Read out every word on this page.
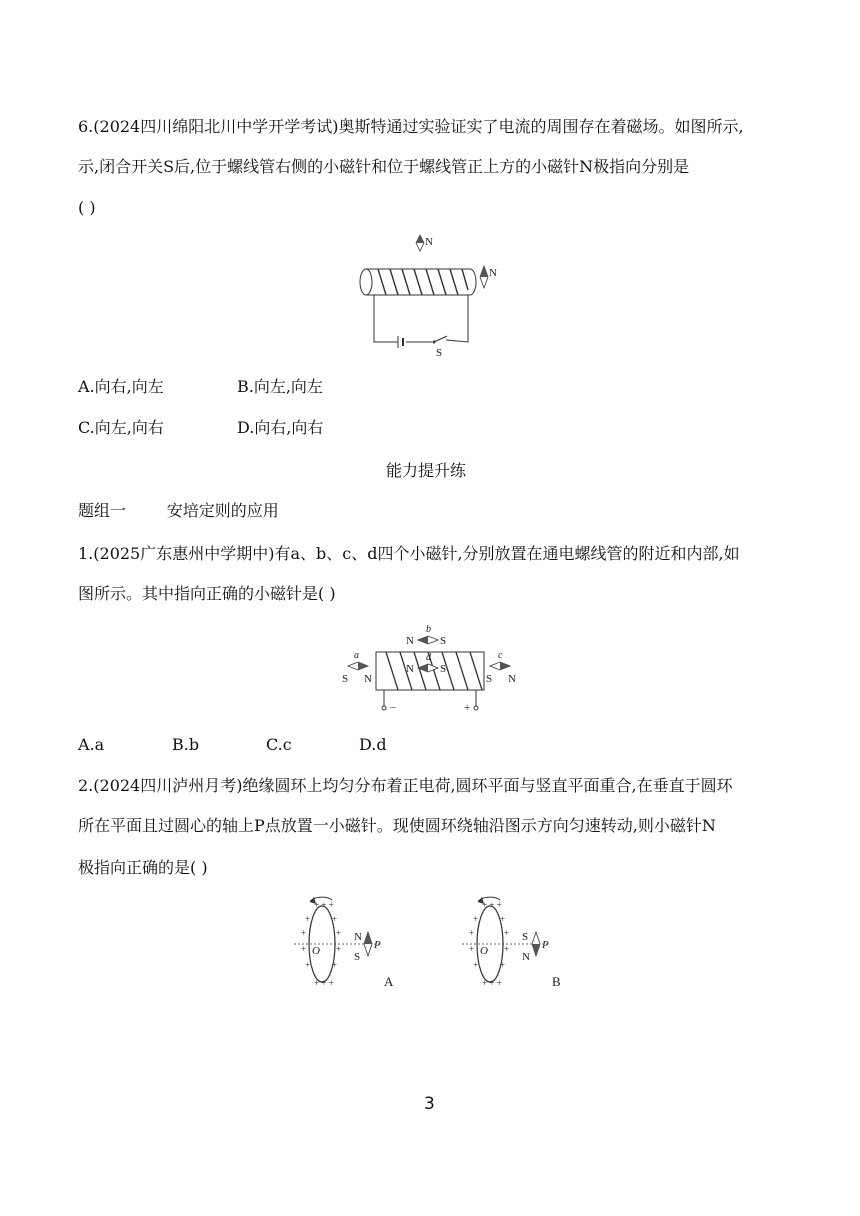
6.(2024四川绵阳北川中学开学考试)奥斯特通过实验证实了电流的周围存在着磁场。如图所示,
示,闭合开关S后,位于螺线管右侧的小磁针和位于螺线管正上方的小磁针N极指向分别是
( )
N
N
S
A.向右,向左	B.向左,向左
C.向左,向右	D.向右,向右
能力提升练
题组一        安培定则的应用
1.(2025广东惠州中学期中)有a、b、c、d四个小磁针,分别放置在通电螺线管的附近和内部,如
图所示。其中指向正确的小磁针是( )
−	+
a
S N
b
N S
d
N S
c
S N
A.a	B.b	C.c	D.d
2.(2024四川泸州月考)绝缘圆环上均匀分布着正电荷,圆环平面与竖直平面重合,在垂直于圆环
所在平面且过圆心的轴上P点放置一小磁针。现使圆环绕轴沿图示方向匀速转动,则小磁针N
极指向正确的是( )
+ + +
+ +
+	+
+	+
+ +
+ + +
O
N
S
P
A
+ + +
+ +
+	+
+	+
+ +
+ + +
O
S
N
P
B
3
